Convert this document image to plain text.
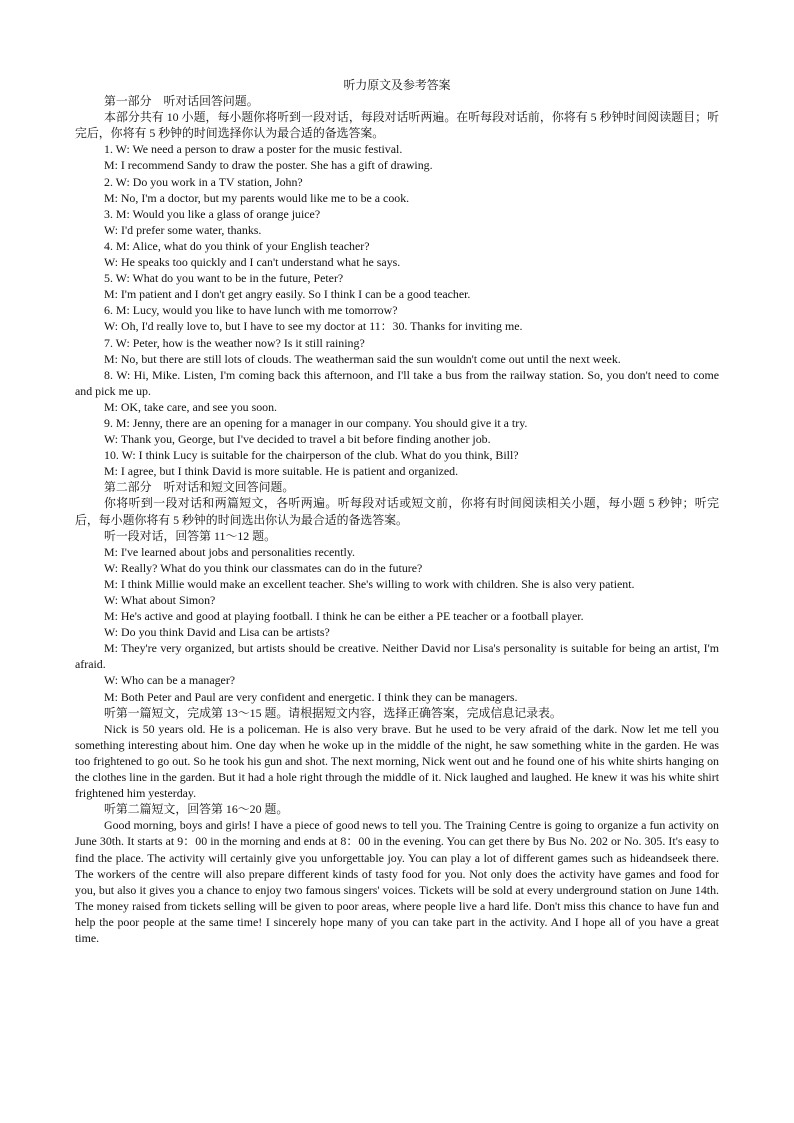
听力原文及参考答案

第一部分　听对话回答问题。

本部分共有 10 小题，每小题你将听到一段对话，每段对话听两遍。在听每段对话前，你将有 5 秒钟时间阅读题目；听完后，你将有 5 秒钟的时间选择你认为最合适的备选答案。

1. W: We need a person to draw a poster for the music festival.

M: I recommend Sandy to draw the poster. She has a gift of drawing.

2. W: Do you work in a TV station, John?

M: No, I'm a doctor, but my parents would like me to be a cook.

3. M: Would you like a glass of orange juice?

W: I'd prefer some water, thanks.

4. M: Alice, what do you think of your English teacher?

W: He speaks too quickly and I can't understand what he says.

5. W: What do you want to be in the future, Peter?

M: I'm patient and I don't get angry easily. So I think I can be a good teacher.

6. M: Lucy, would you like to have lunch with me tomorrow?

W: Oh, I'd really love to, but I have to see my doctor at 11：30. Thanks for inviting me.

7. W: Peter, how is the weather now? Is it still raining?

M: No, but there are still lots of clouds. The weatherman said the sun wouldn't come out until the next week.

8. W: Hi, Mike. Listen, I'm coming back this afternoon, and I'll take a bus from the railway station. So, you don't need to come and pick me up.

M: OK, take care, and see you soon.

9. M: Jenny, there are an opening for a manager in our company. You should give it a try.

W: Thank you, George, but I've decided to travel a bit before finding another job.

10. W: I think Lucy is suitable for the chairperson of the club. What do you think, Bill?

M: I agree, but I think David is more suitable. He is patient and organized.

第二部分　听对话和短文回答问题。

你将听到一段对话和两篇短文，各听两遍。听每段对话或短文前，你将有时间阅读相关小题，每小题 5 秒钟；听完后，每小题你将有 5 秒钟的时间选出你认为最合适的备选答案。

听一段对话，回答第 11～12 题。

M: I've learned about jobs and personalities recently.

W: Really? What do you think our classmates can do in the future?

M: I think Millie would make an excellent teacher. She's willing to work with children. She is also very patient.

W: What about Simon?

M: He's active and good at playing football. I think he can be either a PE teacher or a football player.

W: Do you think David and Lisa can be artists?

M: They're very organized, but artists should be creative. Neither David nor Lisa's personality is suitable for being an artist, I'm afraid.

W: Who can be a manager?

M: Both Peter and Paul are very confident and energetic. I think they can be managers.

听第一篇短文，完成第 13～15 题。请根据短文内容，选择正确答案，完成信息记录表。

Nick is 50 years old. He is a policeman. He is also very brave. But he used to be very afraid of the dark. Now let me tell you something interesting about him. One day when he woke up in the middle of the night, he saw something white in the garden. He was too frightened to go out. So he took his gun and shot. The next morning, Nick went out and he found one of his white shirts hanging on the clothes line in the garden. But it had a hole right through the middle of it. Nick laughed and laughed. He knew it was his white shirt frightened him yesterday.

听第二篇短文，回答第 16～20 题。

Good morning, boys and girls! I have a piece of good news to tell you. The Training Centre is going to organize a fun activity on June 30th. It starts at 9：00 in the morning and ends at 8：00 in the evening. You can get there by Bus No. 202 or No. 305. It's easy to find the place. The activity will certainly give you unforgettable joy. You can play a lot of different games such as hideandseek there. The workers of the centre will also prepare different kinds of tasty food for you. Not only does the activity have games and food for you, but also it gives you a chance to enjoy two famous singers' voices. Tickets will be sold at every underground station on June 14th. The money raised from tickets selling will be given to poor areas, where people live a hard life. Don't miss this chance to have fun and help the poor people at the same time! I sincerely hope many of you can take part in the activity. And I hope all of you have a great time.
